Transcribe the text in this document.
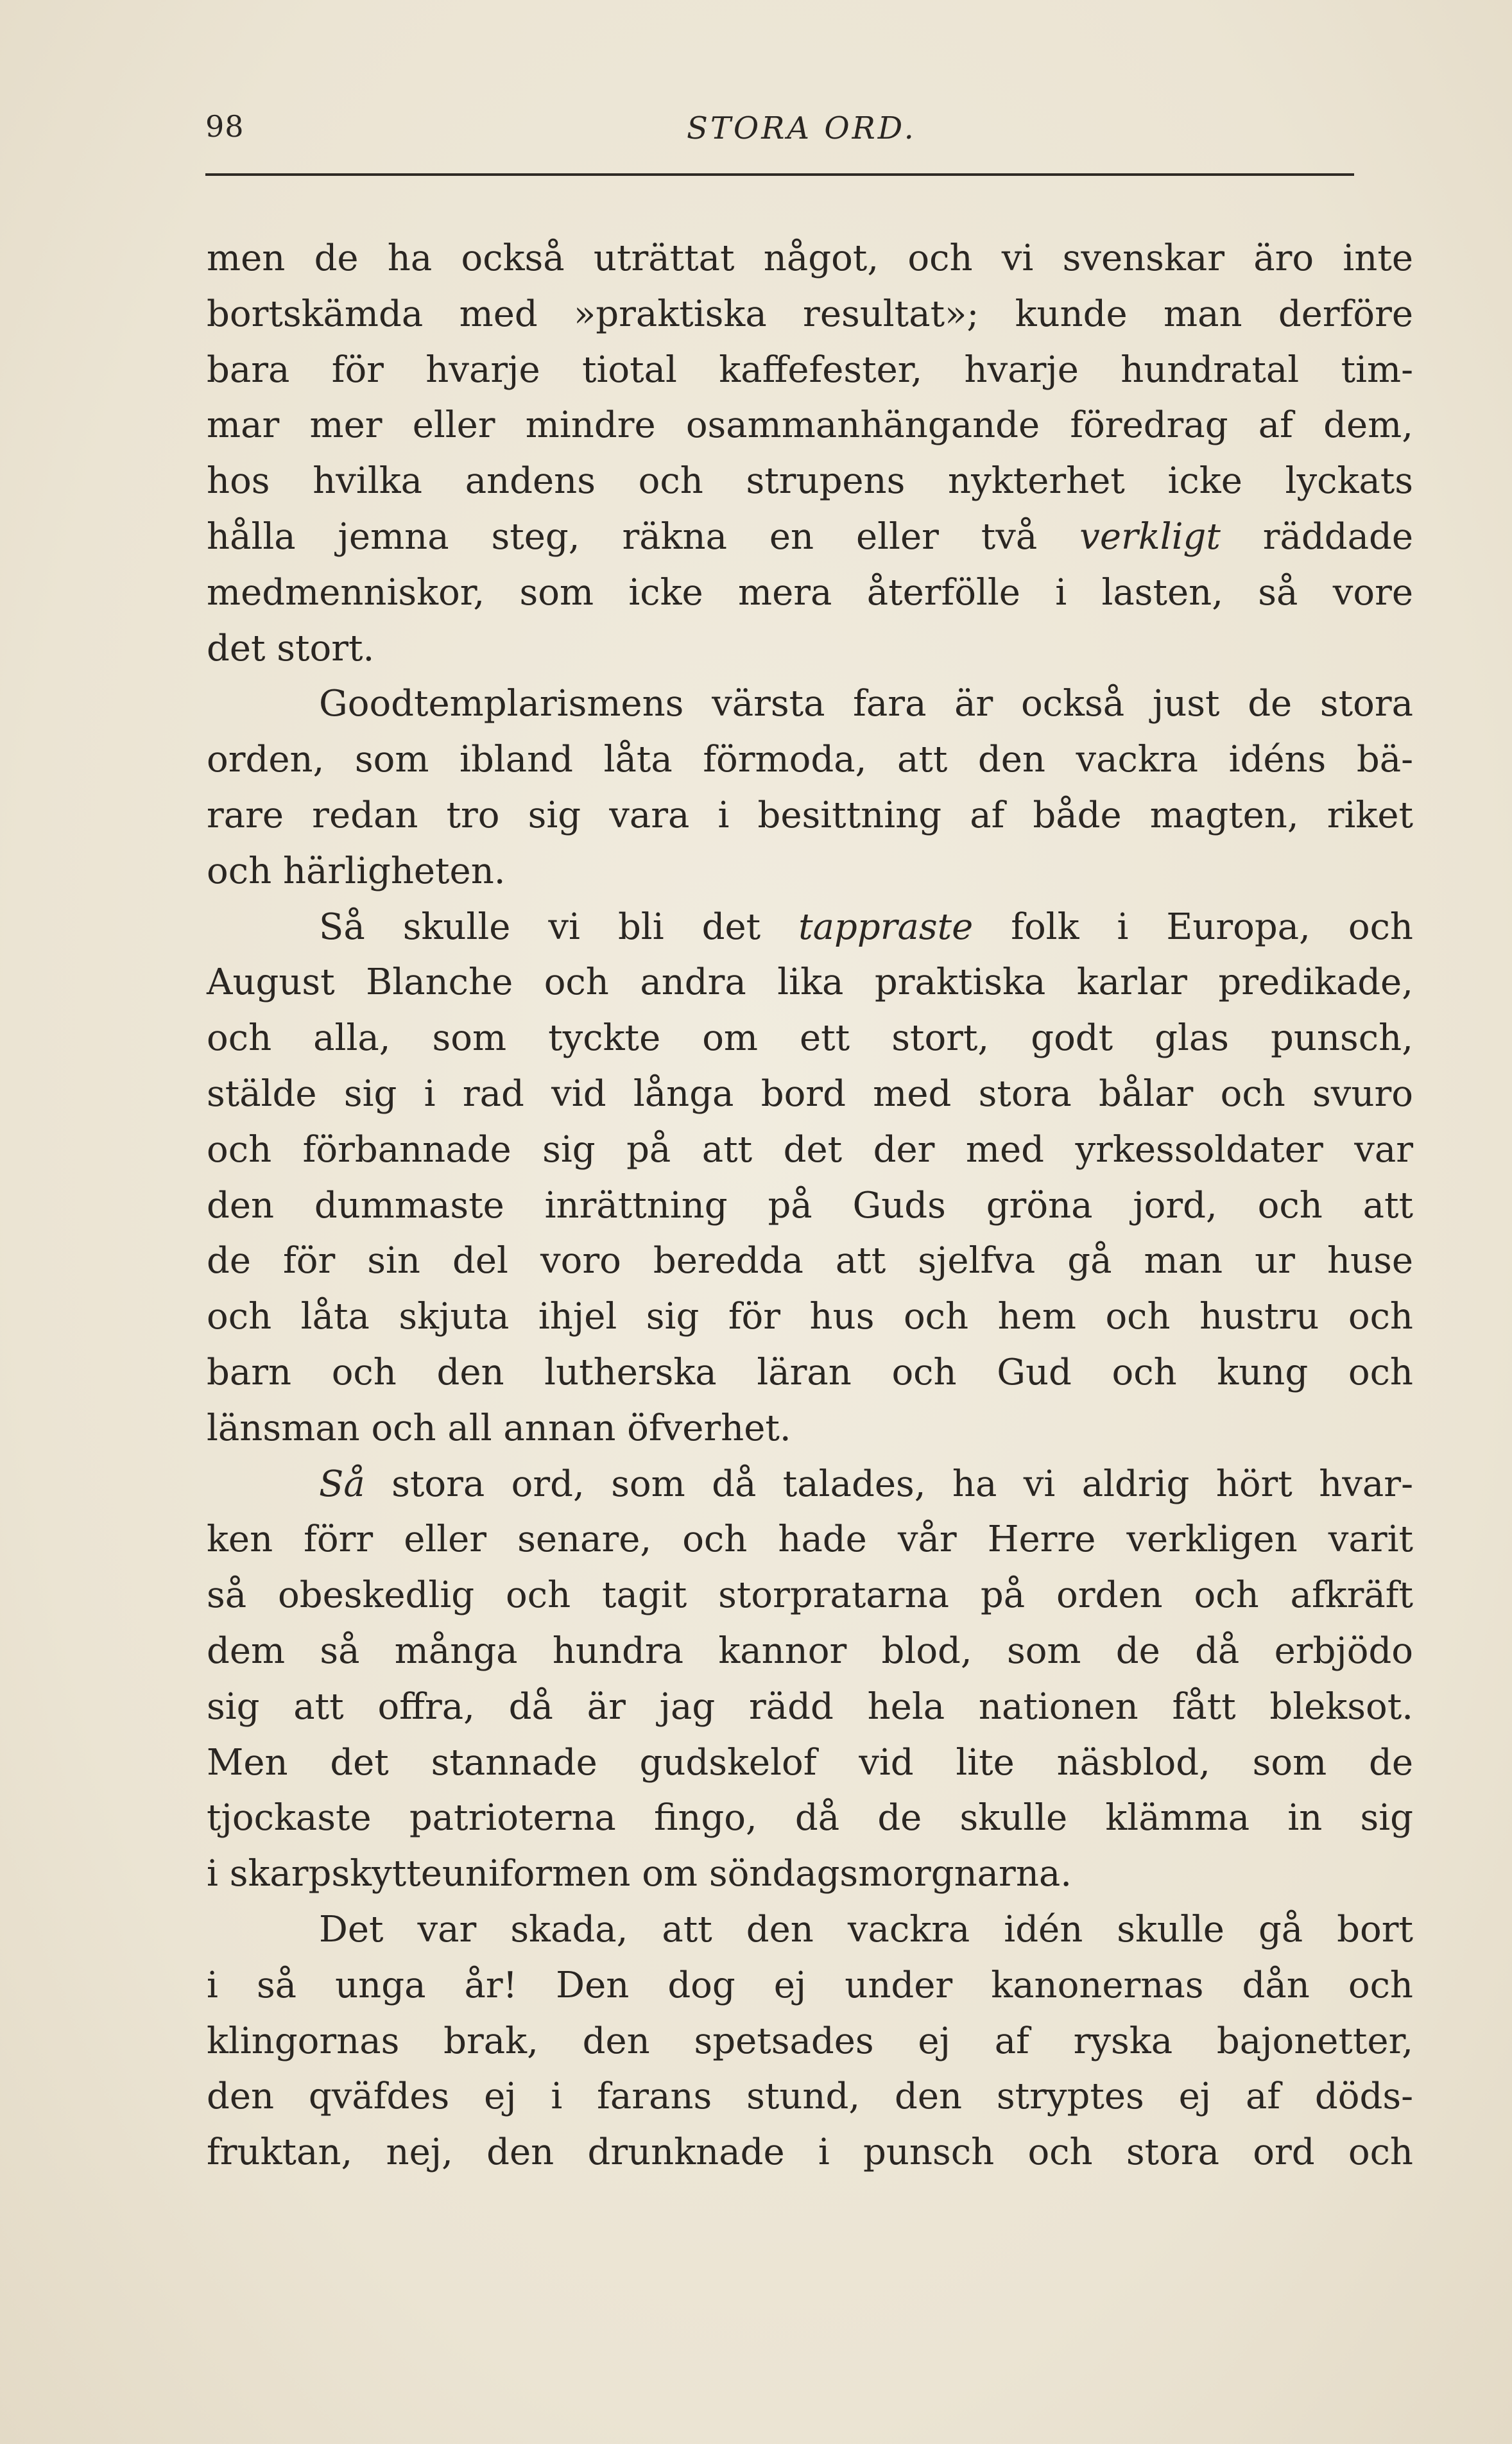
98	STORA ORD.
men de ha också uträttat något, och vi svenskar äro inte
bortskämda med »praktiska resultat»; kunde man derföre
bara för hvarje tiotal kaffefester, hvarje hundratal tim-
mar mer eller mindre osammanhängande föredrag af dem,
hos hvilka andens och strupens nykterhet icke lyckats
hålla jemna steg, räkna en eller två verkligt räddade
medmenniskor, som icke mera återfölle i lasten, så vore
det stort.
Goodtemplarismens värsta fara är också just de stora
orden, som ibland låta förmoda, att den vackra idéns bä-
rare redan tro sig vara i besittning af både magten, riket
och härligheten.
Så skulle vi bli det tappraste folk i Europa, och
August Blanche och andra lika praktiska karlar predikade,
och alla, som tyckte om ett stort, godt glas punsch,
stälde sig i rad vid långa bord med stora bålar och svuro
och förbannade sig på att det der med yrkessoldater var
den dummaste inrättning på Guds gröna jord, och att
de för sin del voro beredda att sjelfva gå man ur huse
och låta skjuta ihjel sig för hus och hem och hustru och
barn och den lutherska läran och Gud och kung och
länsman och all annan öfverhet.
Så stora ord, som då talades, ha vi aldrig hört hvar-
ken förr eller senare, och hade vår Herre verkligen varit
så obeskedlig och tagit storpratarna på orden och afkräft
dem så många hundra kannor blod, som de då erbjödo
sig att offra, då är jag rädd hela nationen fått bleksot.
Men det stannade gudskelof vid lite näsblod, som de
tjockaste patrioterna fingo, då de skulle klämma in sig
i skarpskytteuniformen om söndagsmorgnarna.
Det var skada, att den vackra idén skulle gå bort
i så unga år! Den dog ej under kanonernas dån och
klingornas brak, den spetsades ej af ryska bajonetter,
den qväfdes ej i farans stund, den stryptes ej af döds-
fruktan, nej, den drunknade i punsch och stora ord och
